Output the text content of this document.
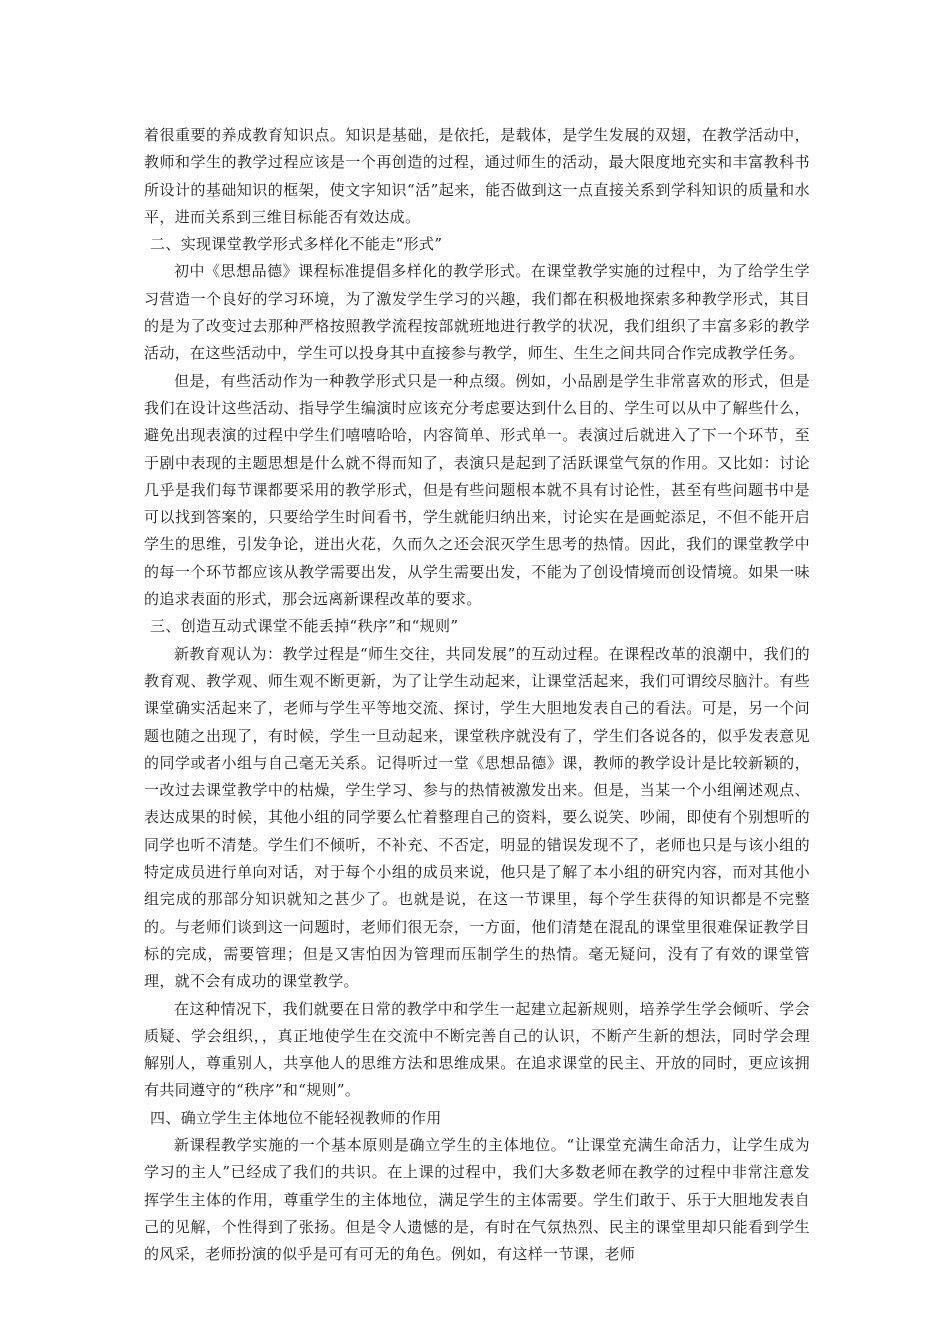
着很重要的养成教育知识点。知识是基础，是依托，是载体，是学生发展的双翅，在教学活动中，教师和学生的教学过程应该是一个再创造的过程，通过师生的活动，最大限度地充实和丰富教科书所设计的基础知识的框架，使文字知识“活”起来，能否做到这一点直接关系到学科知识的质量和水平，进而关系到三维目标能否有效达成。

二、实现课堂教学形式多样化不能走“形式”

初中《思想品德》课程标准提倡多样化的教学形式。在课堂教学实施的过程中，为了给学生学习营造一个良好的学习环境，为了激发学生学习的兴趣，我们都在积极地探索多种教学形式，其目的是为了改变过去那种严格按照教学流程按部就班地进行教学的状况，我们组织了丰富多彩的教学活动，在这些活动中，学生可以投身其中直接参与教学，师生、生生之间共同合作完成教学任务。

但是，有些活动作为一种教学形式只是一种点缀。例如，小品剧是学生非常喜欢的形式，但是我们在设计这些活动、指导学生编演时应该充分考虑要达到什么目的、学生可以从中了解些什么，避免出现表演的过程中学生们嘻嘻哈哈，内容简单、形式单一。表演过后就进入了下一个环节，至于剧中表现的主题思想是什么就不得而知了，表演只是起到了活跃课堂气氛的作用。又比如：讨论几乎是我们每节课都要采用的教学形式，但是有些问题根本就不具有讨论性，甚至有些问题书中是可以找到答案的，只要给学生时间看书，学生就能归纳出来，讨论实在是画蛇添足，不但不能开启学生的思维，引发争论，迸出火花，久而久之还会泯灭学生思考的热情。因此，我们的课堂教学中的每一个环节都应该从教学需要出发，从学生需要出发，不能为了创设情境而创设情境。如果一味的追求表面的形式，那会远离新课程改革的要求。

三、创造互动式课堂不能丢掉“秩序”和“规则”

新教育观认为：教学过程是“师生交往，共同发展”的互动过程。在课程改革的浪潮中，我们的教育观、教学观、师生观不断更新，为了让学生动起来，让课堂活起来，我们可谓绞尽脑汁。有些课堂确实活起来了，老师与学生平等地交流、探讨，学生大胆地发表自己的看法。可是，另一个问题也随之出现了，有时候，学生一旦动起来，课堂秩序就没有了，学生们各说各的，似乎发表意见的同学或者小组与自己毫无关系。记得听过一堂《思想品德》课，教师的教学设计是比较新颖的，一改过去课堂教学中的枯燥，学生学习、参与的热情被激发出来。但是，当某一个小组阐述观点、表达成果的时候，其他小组的同学要么忙着整理自己的资料，要么说笑、吵闹，即使有个别想听的同学也听不清楚。学生们不倾听，不补充、不否定，明显的错误发现不了，老师也只是与该小组的特定成员进行单向对话，对于每个小组的成员来说，他只是了解了本小组的研究内容，而对其他小组完成的那部分知识就知之甚少了。也就是说，在这一节课里，每个学生获得的知识都是不完整的。与老师们谈到这一问题时，老师们很无奈，一方面，他们清楚在混乱的课堂里很难保证教学目标的完成，需要管理；但是又害怕因为管理而压制学生的热情。毫无疑问，没有了有效的课堂管理，就不会有成功的课堂教学。

在这种情况下，我们就要在日常的教学中和学生一起建立起新规则，培养学生学会倾听、学会质疑、学会组织，，真正地使学生在交流中不断完善自己的认识，不断产生新的想法，同时学会理解别人，尊重别人，共享他人的思维方法和思维成果。在追求课堂的民主、开放的同时，更应该拥有共同遵守的“秩序”和“规则”。

四、确立学生主体地位不能轻视教师的作用

新课程教学实施的一个基本原则是确立学生的主体地位。“让课堂充满生命活力，让学生成为学习的主人”已经成了我们的共识。在上课的过程中，我们大多数老师在教学的过程中非常注意发挥学生主体的作用，尊重学生的主体地位，满足学生的主体需要。学生们敢于、乐于大胆地发表自己的见解，个性得到了张扬。但是令人遗憾的是，有时在气氛热烈、民主的课堂里却只能看到学生的风采，老师扮演的似乎是可有可无的角色。例如，有这样一节课，老师
